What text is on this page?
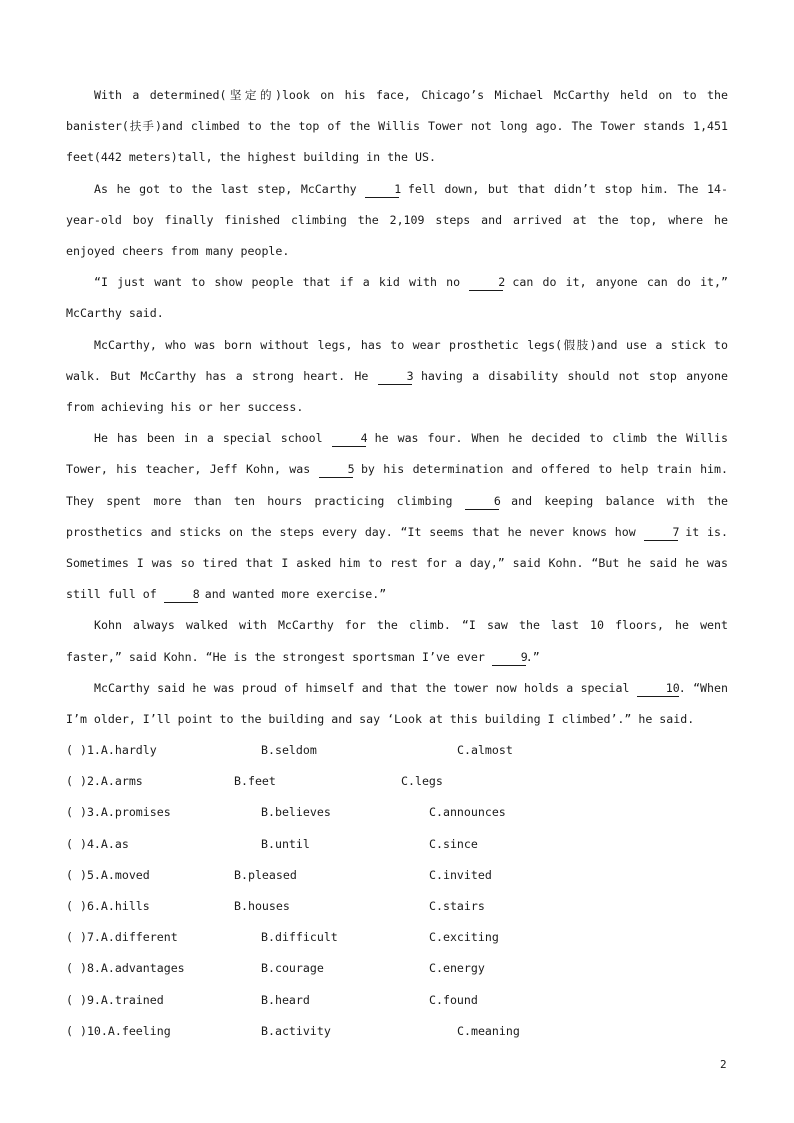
With a determined(坚定的)look on his face, Chicago’s Michael McCarthy held on to the banister(扶手)and climbed to the top of the Willis Tower not long ago. The Tower stands 1,451 feet(442 meters)tall, the highest building in the US.

As he got to the last step, McCarthy	1 fell down, but that didn’t stop him. The 14-year-old boy finally finished climbing the 2,109 steps and arrived at the top, where he enjoyed cheers from many people.

“I just want to show people that if a kid with no	2 can do it, anyone can do it,” McCarthy said.

McCarthy, who was born without legs, has to wear prosthetic legs(假肢)and use a stick to walk. But McCarthy has a strong heart. He	3 having a disability should not stop anyone from achieving his or her success.

He has been in a special school	4 he was four. When he decided to climb the Willis Tower, his teacher, Jeff Kohn, was	5 by his determination and offered to help train him. They spent more than ten hours practicing climbing	6 and keeping balance with the prosthetics and sticks on the steps every day. “It seems that he never knows how	7 it is. Sometimes I was so tired that I asked him to rest for a day,” said Kohn. “But he said he was still full of	8 and wanted more exercise.”

Kohn always walked with McCarthy for the climb. “I saw the last 10 floors, he went faster,” said Kohn. “He is the strongest sportsman I’ve ever	9.”

McCarthy said he was proud of himself and that the tower now holds a special	10. “When I’m older, I’ll point to the building and say ‘Look at this building I climbed’.” he said.

( )1.A.hardly	B.seldom	C.almost
( )2.A.arms	B.feet	C.legs
( )3.A.promises	B.believes	C.announces
( )4.A.as	B.until	C.since
( )5.A.moved	B.pleased	C.invited
( )6.A.hills	B.houses	C.stairs
( )7.A.different	B.difficult	C.exciting
( )8.A.advantages	B.courage	C.energy
( )9.A.trained	B.heard	C.found
( )10.A.feeling	B.activity	C.meaning
2
